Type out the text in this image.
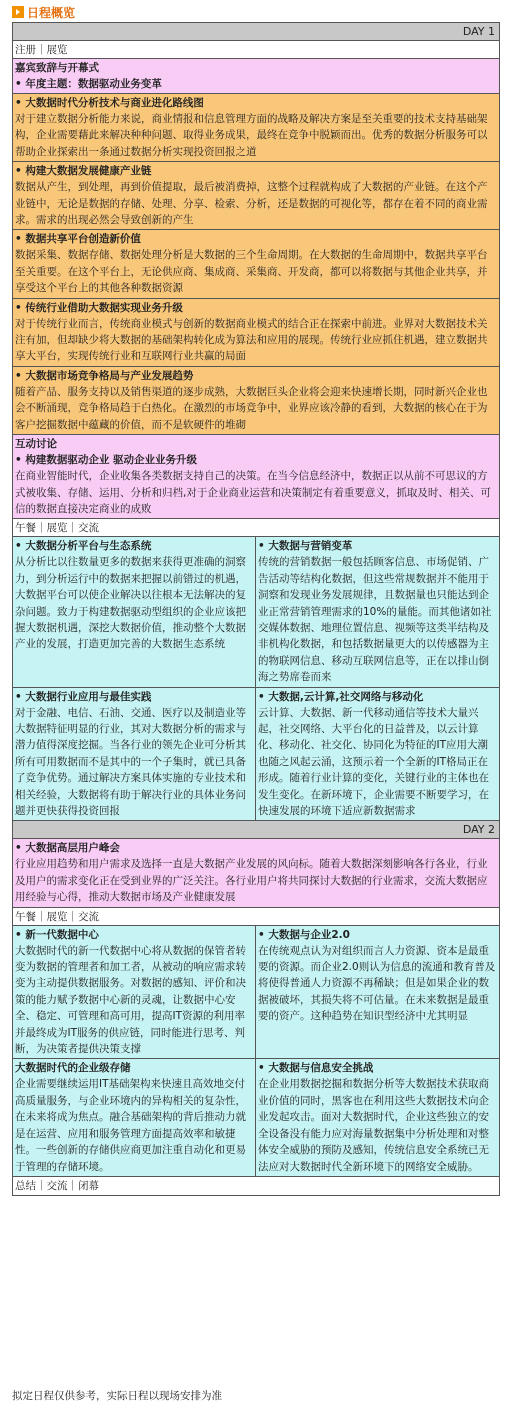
日程概览
DAY 1
注册｜展览
嘉宾致辞与开幕式
• 年度主题：数据驱动业务变革
• 大数据时代分析技术与商业进化路线图
对于建立数据分析能力来说，商业情报和信息管理方面的战略及解决方案是至关重要的技术支持基础架构，企业需要藉此来解决种种问题、取得业务成果，最终在竞争中脱颖而出。优秀的数据分析服务可以帮助企业探索出一条通过数据分析实现投资回报之道
• 构建大数据发展健康产业链
数据从产生，到处理，再到价值提取，最后被消费掉，这整个过程就构成了大数据的产业链。在这个产业链中，无论是数据的存储、处理、分享、检索、分析，还是数据的可视化等，都存在着不同的商业需求。需求的出现必然会导致创新的产生
• 数据共享平台创造新价值
数据采集、数据存储、数据处理分析是大数据的三个生命周期。在大数据的生命周期中，数据共享平台至关重要。在这个平台上，无论供应商、集成商、采集商、开发商，都可以将数据与其他企业共享，并享受这个平台上的其他各种数据资源
• 传统行业借助大数据实现业务升级
对于传统行业而言，传统商业模式与创新的数据商业模式的结合正在探索中前进。业界对大数据技术关注有加，但却缺少将大数据的基础架构转化成为算法和应用的展现。传统行业应抓住机遇，建立数据共享大平台，实现传统行业和互联网行业共赢的局面
• 大数据市场竞争格局与产业发展趋势
随着产品、服务支持以及销售渠道的逐步成熟，大数据巨头企业将会迎来快速增长期，同时新兴企业也会不断涌现，竞争格局趋于白热化。在激烈的市场竞争中，业界应该冷静的看到，大数据的核心在于为客户挖掘数据中蕴藏的价值，而不是软硬件的堆砌
互动讨论
• 构建数据驱动企业 驱动企业业务升级
在商业智能时代，企业收集各类数据支持自己的决策。在当今信息经济中，数据正以从前不可思议的方式被收集、存储、运用、分析和归档,对于企业商业运营和决策制定有着重要意义，抓取及时、相关、可信的数据直接决定商业的成败
午餐｜展览｜交流
• 大数据分析平台与生态系统
从分析比以往数量更多的数据来获得更准确的洞察力，到分析运行中的数据来把握以前错过的机遇，大数据平台可以使企业解决以往根本无法解决的复杂问题。致力于构建数据驱动型组织的企业应该把握大数据机遇，深挖大数据价值，推动整个大数据产业的发展，打造更加完善的大数据生态系统
• 大数据与营销变革
传统的营销数据一般包括顾客信息、市场促销、广告活动等结构化数据，但这些常规数据并不能用于洞察和发现业务发展规律，且数据量也只能达到企业正常营销管理需求的10%的量能。而其他诸如社交媒体数据、地理位置信息、视频等这类半结构及非机构化数据，和包括数据量更大的以传感器为主的物联网信息、移动互联网信息等，正在以排山倒海之势席卷而来
• 大数据行业应用与最佳实践
对于金融、电信、石油、交通、医疗以及制造业等大数据特征明显的行业，其对大数据分析的需求与潜力值得深度挖掘。当各行业的领先企业可分析其所有可用数据而不是其中的一个子集时，就已具备了竞争优势。通过解决方案具体实施的专业技术和相关经验，大数据将有助于解决行业的具体业务问题并更快获得投资回报
• 大数据,云计算,社交网络与移动化
云计算、大数据、新一代移动通信等技术大量兴起，社交网络、大平台化的日益普及，以云计算化、移动化、社交化、协同化为特征的IT应用大潮也随之风起云涌，这预示着一个全新的IT格局正在形成。随着行业计算的变化，关键行业的主体也在发生变化。在新环境下，企业需要不断要学习，在快速发展的环境下适应新数据需求
DAY 2
• 大数据高层用户峰会
行业应用趋势和用户需求及选择一直是大数据产业发展的风向标。随着大数据深刻影响各行各业，行业及用户的需求变化正在受到业界的广泛关注。各行业用户将共同探讨大数据的行业需求，交流大数据应用经验与心得，推动大数据市场及产业健康发展
午餐｜展览｜交流
• 新一代数据中心
大数据时代的新一代数据中心将从数据的保管者转变为数据的管理者和加工者，从被动的响应需求转变为主动提供数据服务。对数据的感知、评价和决策的能力赋予数据中心新的灵魂，让数据中心安全、稳定、可管理和高可用，提高IT资源的利用率并最终成为IT服务的供应链，同时能进行思考、判断，为决策者提供决策支撑
• 大数据与企业2.0
在传统观点认为对组织而言人力资源、资本是最重要的资源。而企业2.0则认为信息的流通和教育普及将使得普通人力资源不再稀缺；但是如果企业的数据被破坏，其损失将不可估量。在未来数据是最重要的资产。这种趋势在知识型经济中尤其明显
大数据时代的企业级存储
企业需要继续运用IT基础架构来快速且高效地交付高质量服务，与企业环境内的异构相关的复杂性，在未来将成为焦点。融合基础架构的背后推动力就是在运营、应用和服务管理方面提高效率和敏捷性。一些创新的存储供应商更加注重自动化和更易于管理的存储环境。
• 大数据与信息安全挑战
在企业用数据挖掘和数据分析等大数据技术获取商业价值的同时，黑客也在利用这些大数据技术向企业发起攻击。面对大数据时代，企业这些独立的安全设备没有能力应对海量数据集中分析处理和对整体安全威胁的预防及感知，传统信息安全系统已无法应对大数据时代全新环境下的网络安全威胁。
总结｜交流｜闭幕
拟定日程仅供参考，实际日程以现场安排为准
